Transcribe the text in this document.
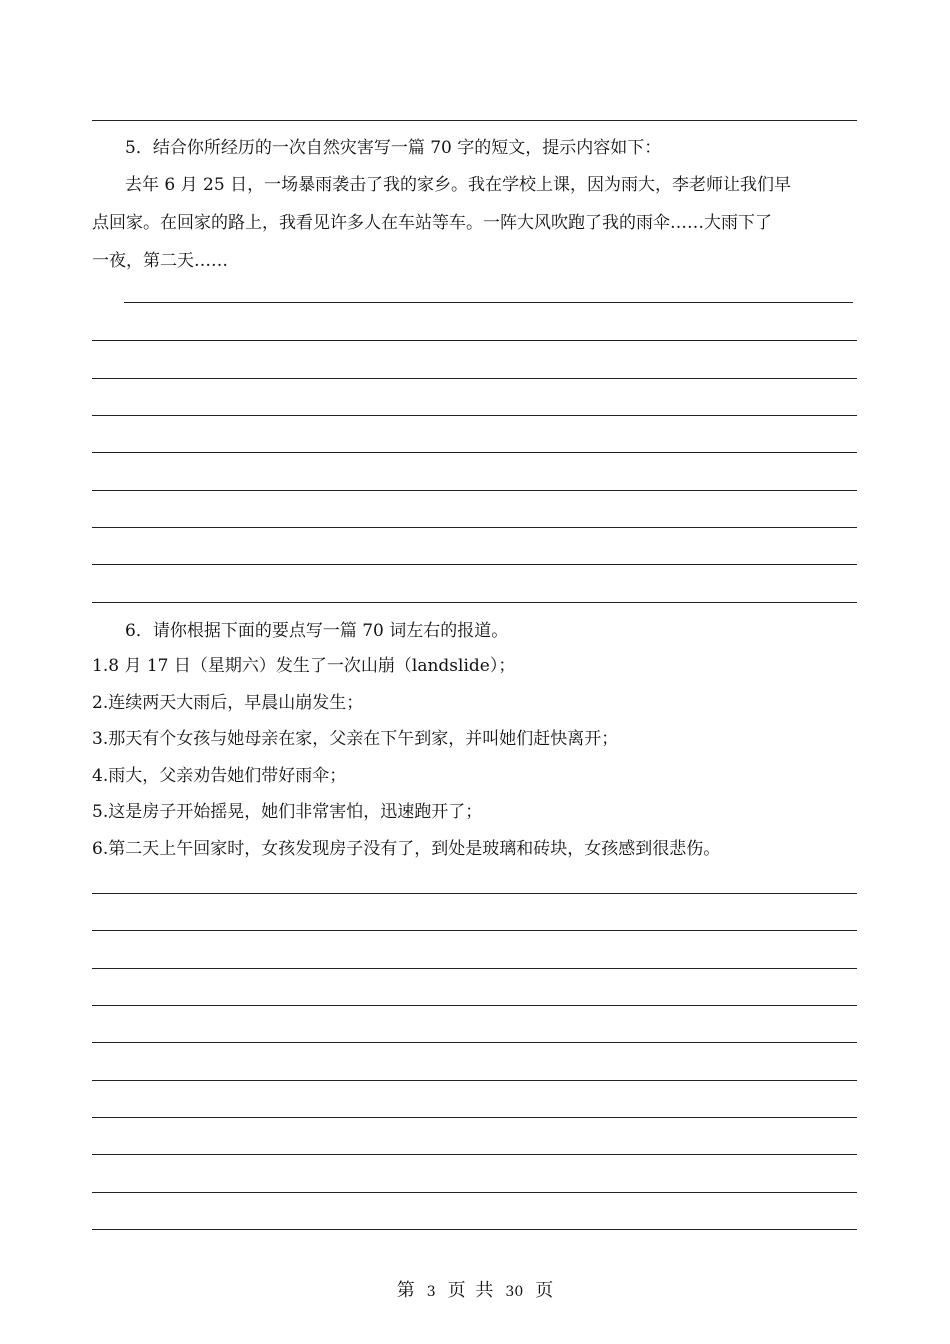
5．结合你所经历的一次自然灾害写一篇 70 字的短文，提示内容如下：

去年 6 月 25 日，一场暴雨袭击了我的家乡。我在学校上课，因为雨大，李老师让我们早

点回家。在回家的路上，我看见许多人在车站等车。一阵大风吹跑了我的雨伞……大雨下了

一夜，第二天……

6．请你根据下面的要点写一篇 70 词左右的报道。

1.8 月 17 日（星期六）发生了一次山崩（landslide）；

2.连续两天大雨后，早晨山崩发生；

3.那天有个女孩与她母亲在家，父亲在下午到家，并叫她们赶快离开；

4.雨大，父亲劝告她们带好雨伞；

5.这是房子开始摇晃，她们非常害怕，迅速跑开了；

6.第二天上午回家时，女孩发现房子没有了，到处是玻璃和砖块，女孩感到很悲伤。

第 3 页 共 30 页
